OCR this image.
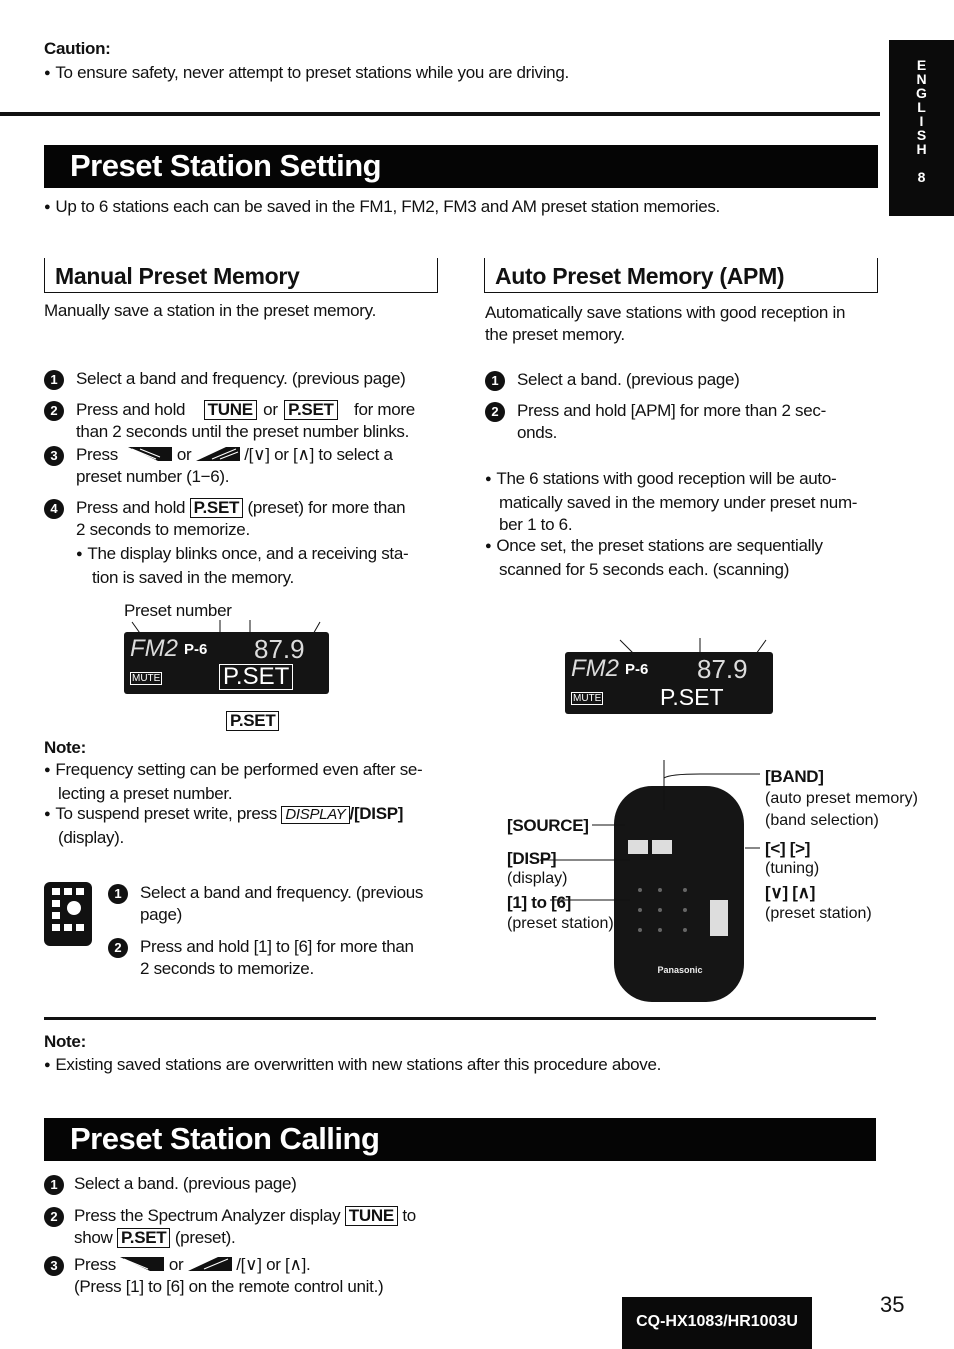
Caution:
● To ensure safety, never attempt to preset stations while you are driving.	E
N
G
L
I
S
H
8
Preset Station Setting
● Up to 6 stations each can be saved in the FM1, FM2, FM3 and AM preset station memories.
Manual Preset Memory
Manually save a station in the preset memory.
1	Select a band and frequency. (previous page)
2	Press and hold TUNE or P.SET for more
than 2 seconds until the preset number blinks.
3	Press	or	/[∨] or [∧] to select a
preset number (1−6).
4	Press and hold P.SET (preset) for more than
2 seconds to memorize.
● The display blinks once, and a receiving sta-
tion is saved in the memory.
Preset number
FM2 P-6 87.9
MUTE	P.SET
P.SET
Note:
● Frequency setting can be performed even after se-
lecting a preset number.
● To suspend preset write, press DISPLAY /[DISP]
(display).
1	Select a band and frequency. (previous
page)
2	Press and hold [1] to [6] for more than
2 seconds to memorize.
Auto Preset Memory (APM)
Automatically save stations with good reception in
the preset memory.
1	Select a band. (previous page)
2	Press and hold [APM] for more than 2 sec-
onds.
● The 6 stations with good reception will be auto-
matically saved in the memory under preset num-
ber 1 to 6.
● Once set, the preset stations are sequentially
scanned for 5 seconds each. (scanning)
FM2 P-6 87.9
MUTE	P.SET
Panasonic
[BAND]
(auto preset memory)
(band selection)
[<] [>]
(tuning)
[∨] [∧]
(preset station)
[SOURCE]
[DISP]
(display)
[1] to [6]
(preset station)
Note:
● Existing saved stations are overwritten with new stations after this procedure above.
Preset Station Calling
1 Select a band. (previous page)
2 Press the Spectrum Analyzer display TUNE to
show P.SET (preset).
3 Press	or	/[∨] or [∧].
(Press [1] to [6] on the remote control unit.)
CQ-HX1083/HR1003U
35
